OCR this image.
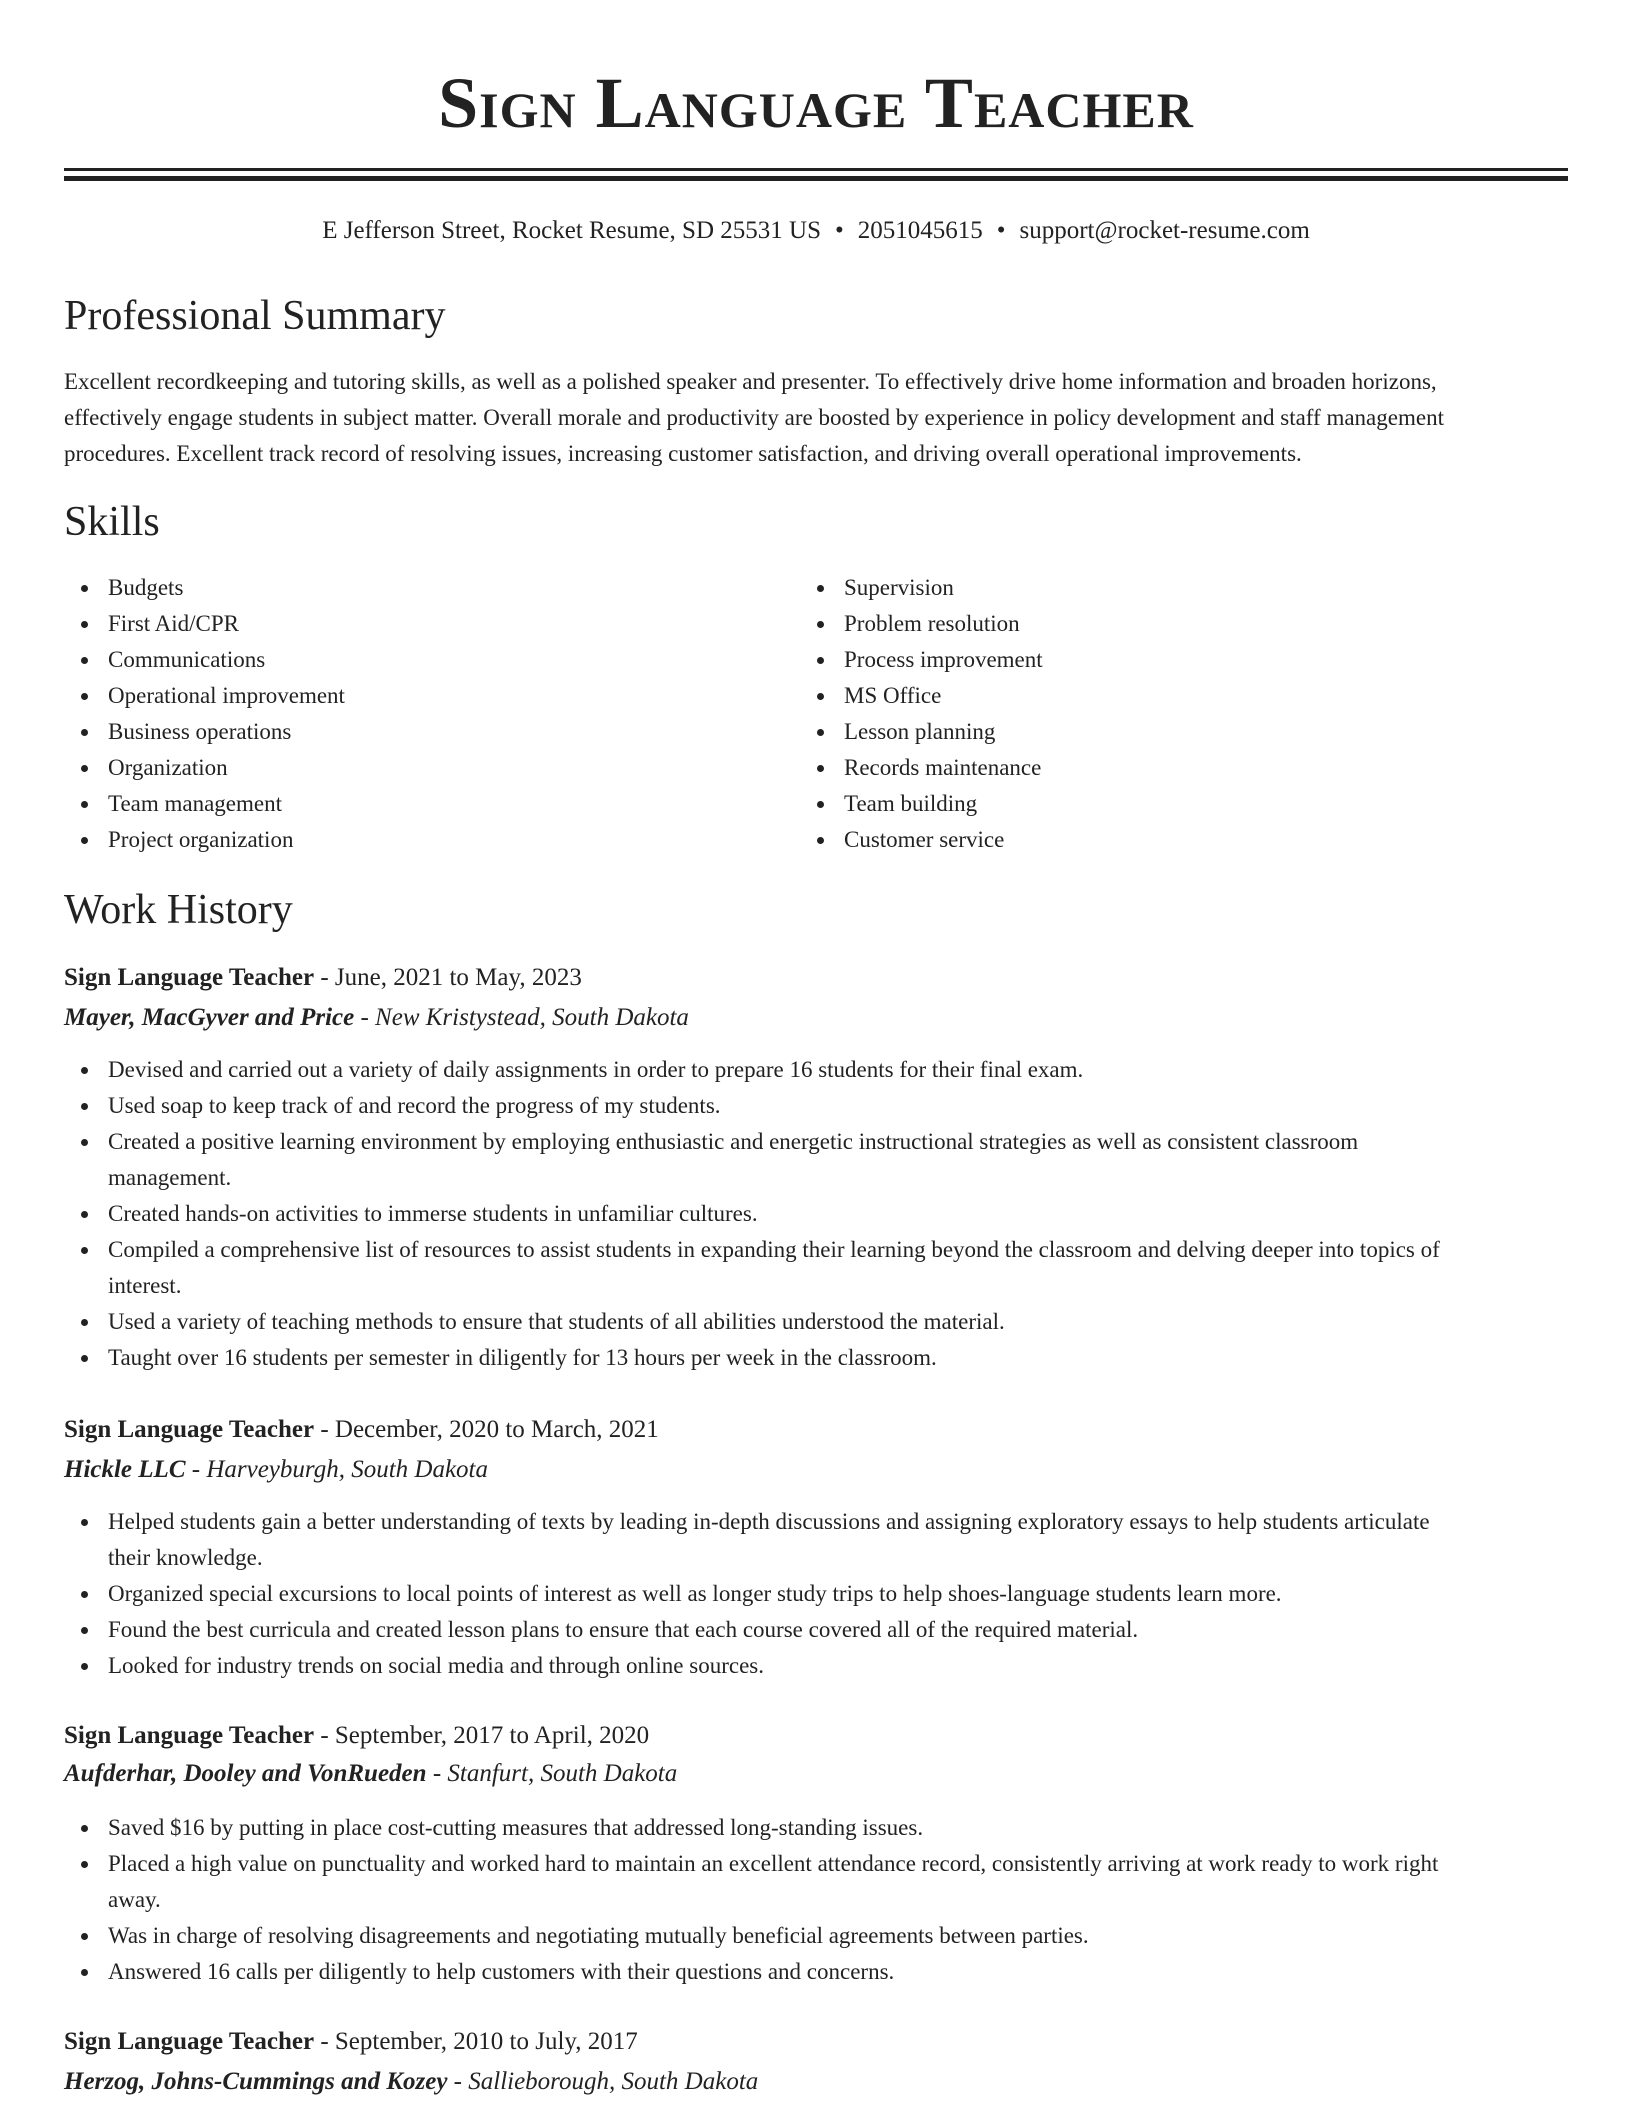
Sign Language Teacher
E Jefferson Street, Rocket Resume, SD 25531 US • 2051045615 • support@rocket-resume.com
Professional Summary
Excellent recordkeeping and tutoring skills, as well as a polished speaker and presenter. To effectively drive home information and broaden horizons,
effectively engage students in subject matter. Overall morale and productivity are boosted by experience in policy development and staff management
procedures. Excellent track record of resolving issues, increasing customer satisfaction, and driving overall operational improvements.
Skills
Budgets
First Aid/CPR
Communications
Operational improvement
Business operations
Organization
Team management
Project organization
Supervision
Problem resolution
Process improvement
MS Office
Lesson planning
Records maintenance
Team building
Customer service
Work History
Sign Language Teacher - June, 2021 to May, 2023
Mayer, MacGyver and Price - New Kristystead, South Dakota
Devised and carried out a variety of daily assignments in order to prepare 16 students for their final exam.
Used soap to keep track of and record the progress of my students.
Created a positive learning environment by employing enthusiastic and energetic instructional strategies as well as consistent classroom
management.
Created hands-on activities to immerse students in unfamiliar cultures.
Compiled a comprehensive list of resources to assist students in expanding their learning beyond the classroom and delving deeper into topics of
interest.
Used a variety of teaching methods to ensure that students of all abilities understood the material.
Taught over 16 students per semester in diligently for 13 hours per week in the classroom.
Sign Language Teacher - December, 2020 to March, 2021
Hickle LLC - Harveyburgh, South Dakota
Helped students gain a better understanding of texts by leading in-depth discussions and assigning exploratory essays to help students articulate
their knowledge.
Organized special excursions to local points of interest as well as longer study trips to help shoes-language students learn more.
Found the best curricula and created lesson plans to ensure that each course covered all of the required material.
Looked for industry trends on social media and through online sources.
Sign Language Teacher - September, 2017 to April, 2020
Aufderhar, Dooley and VonRueden - Stanfurt, South Dakota
Saved $16 by putting in place cost-cutting measures that addressed long-standing issues.
Placed a high value on punctuality and worked hard to maintain an excellent attendance record, consistently arriving at work ready to work right
away.
Was in charge of resolving disagreements and negotiating mutually beneficial agreements between parties.
Answered 16 calls per diligently to help customers with their questions and concerns.
Sign Language Teacher - September, 2010 to July, 2017
Herzog, Johns-Cummings and Kozey - Sallieborough, South Dakota
